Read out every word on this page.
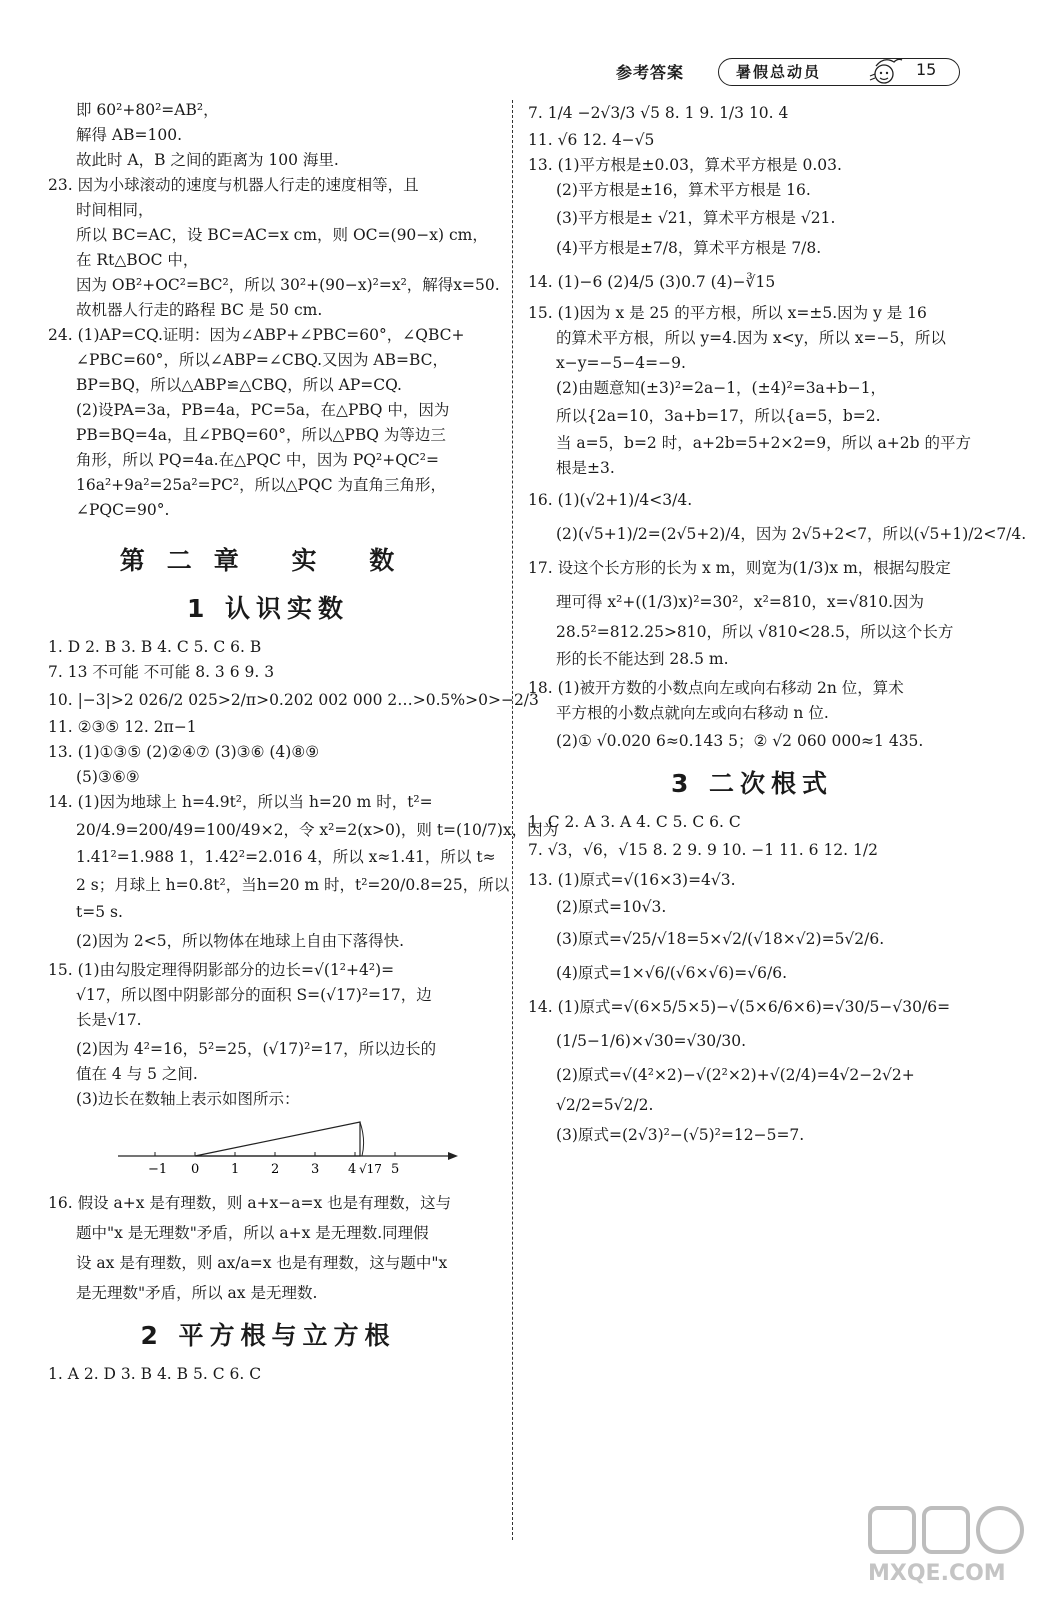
参考答案	暑假总动员	15
即 60²+80²=AB²，
解得 AB=100.
故此时 A，B 之间的距离为 100 海里.
23. 因为小球滚动的速度与机器人行走的速度相等，且
时间相同，
所以 BC=AC，设 BC=AC=x cm，则 OC=(90−x) cm，
在 Rt△BOC 中，
因为 OB²+OC²=BC²，所以 30²+(90−x)²=x²，解得x=50.
故机器人行走的路程 BC 是 50 cm.
24. (1)AP=CQ.证明：因为∠ABP+∠PBC=60°，∠QBC+
∠PBC=60°，所以∠ABP=∠CBQ.又因为 AB=BC，
BP=BQ，所以△ABP≌△CBQ，所以 AP=CQ.
(2)设PA=3a，PB=4a，PC=5a，在△PBQ 中，因为
PB=BQ=4a，且∠PBQ=60°，所以△PBQ 为等边三
角形，所以 PQ=4a.在△PQC 中，因为 PQ²+QC²=
16a²+9a²=25a²=PC²，所以△PQC 为直角三角形，
∠PQC=90°.
第二章 实 数
1 认识实数
1. D 2. B 3. B 4. C 5. C 6. B
7. 13 不可能 不可能 8. 3 6 9. 3
10. |−3|>2 026/2 025>2/π>0.202 002 000 2…>0.5%>0>−2/3
11. ②③⑤ 12. 2π−1
13. (1)①③⑤ (2)②④⑦ (3)③⑥ (4)⑧⑨
(5)③⑥⑨
14. (1)因为地球上 h=4.9t²，所以当 h=20 m 时，t²=
20/4.9=200/49=100/49×2，令 x²=2(x>0)，则 t=(10/7)x，因为
1.41²=1.988 1，1.42²=2.016 4，所以 x≈1.41，所以 t≈
2 s；月球上 h=0.8t²，当h=20 m 时，t²=20/0.8=25，所以
t=5 s.
(2)因为 2<5，所以物体在地球上自由下落得快.
15. (1)由勾股定理得阴影部分的边长=√(1²+4²)=
√17，所以图中阴影部分的面积 S=(√17)²=17，边
长是√17.
(2)因为 4²=16，5²=25，(√17)²=17，所以边长的
值在 4 与 5 之间.
(3)边长在数轴上表示如图所示：
−1 0 1 2 3 4 √17 5
16. 假设 a+x 是有理数，则 a+x−a=x 也是有理数，这与
题中"x 是无理数"矛盾，所以 a+x 是无理数.同理假
设 ax 是有理数，则 ax/a=x 也是有理数，这与题中"x
是无理数"矛盾，所以 ax 是无理数.
2 平方根与立方根
1. A 2. D 3. B 4. B 5. C 6. C
7. 1/4 −2√3/3 √5 8. 1 9. 1/3 10. 4
11. √6 12. 4−√5
13. (1)平方根是±0.03，算术平方根是 0.03.
(2)平方根是±16，算术平方根是 16.
(3)平方根是± √21，算术平方根是 √21.
(4)平方根是±7/8，算术平方根是 7/8.
14. (1)−6 (2)4/5 (3)0.7 (4)−∛15
15. (1)因为 x 是 25 的平方根，所以 x=±5.因为 y 是 16
的算术平方根，所以 y=4.因为 x<y，所以 x=−5，所以
x−y=−5−4=−9.
(2)由题意知(±3)²=2a−1，(±4)²=3a+b−1，
所以{2a=10，3a+b=17，所以{a=5，b=2.
当 a=5，b=2 时，a+2b=5+2×2=9，所以 a+2b 的平方
根是±3.
16. (1)(√2+1)/4<3/4.
(2)(√5+1)/2=(2√5+2)/4，因为 2√5+2<7，所以(√5+1)/2<7/4.
17. 设这个长方形的长为 x m，则宽为(1/3)x m，根据勾股定
理可得 x²+((1/3)x)²=30²，x²=810，x=√810.因为
28.5²=812.25>810，所以 √810<28.5，所以这个长方
形的长不能达到 28.5 m.
18. (1)被开方数的小数点向左或向右移动 2n 位，算术
平方根的小数点就向左或向右移动 n 位.
(2)① √0.020 6≈0.143 5；② √2 060 000≈1 435.
3 二次根式
1. C 2. A 3. A 4. C 5. C 6. C
7. √3，√6，√15 8. 2 9. 9 10. −1 11. 6 12. 1/2
13. (1)原式=√(16×3)=4√3.
(2)原式=10√3.
(3)原式=√25/√18=5×√2/(√18×√2)=5√2/6.
(4)原式=1×√6/(√6×√6)=√6/6.
14. (1)原式=√(6×5/5×5)−√(5×6/6×6)=√30/5−√30/6=
(1/5−1/6)×√30=√30/30.
(2)原式=√(4²×2)−√(2²×2)+√(2/4)=4√2−2√2+
√2/2=5√2/2.
(3)原式=(2√3)²−(√5)²=12−5=7.
MXQE.COM
